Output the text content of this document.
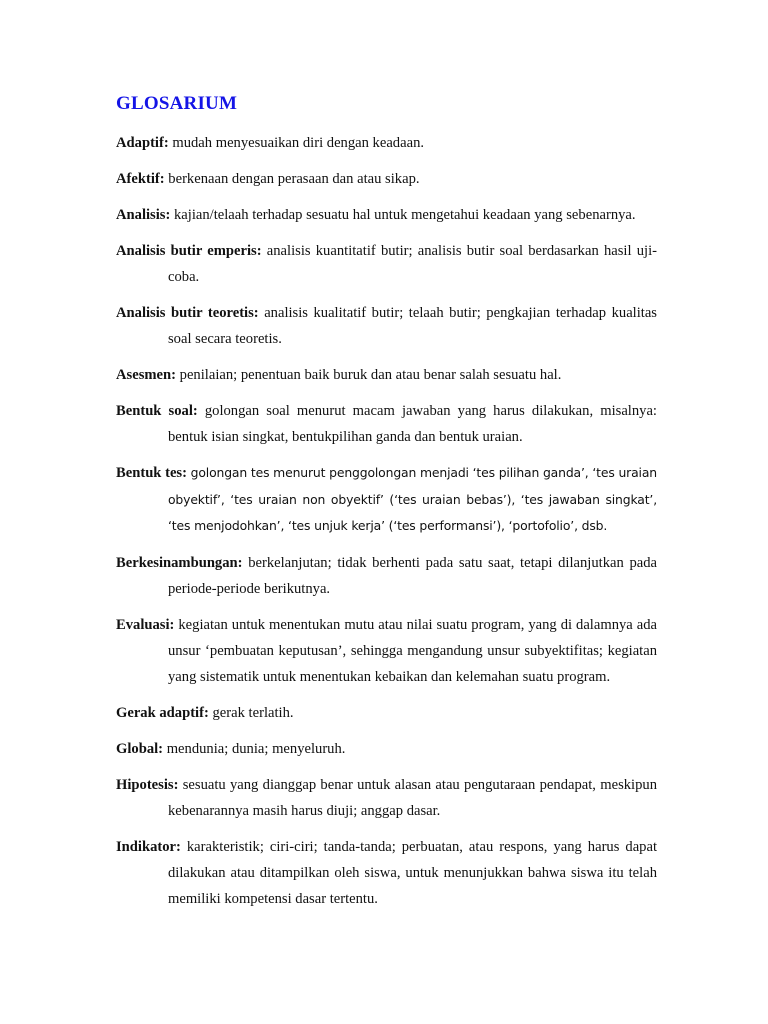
GLOSARIUM

Adaptif: mudah menyesuaikan diri dengan keadaan.

Afektif: berkenaan dengan perasaan dan atau sikap.

Analisis: kajian/telaah terhadap sesuatu hal untuk mengetahui keadaan yang sebenarnya.

Analisis butir emperis: analisis kuantitatif butir; analisis butir soal berdasarkan hasil uji-coba.

Analisis butir teoretis: analisis kualitatif butir; telaah butir; pengkajian terhadap kualitas soal secara teoretis.

Asesmen: penilaian; penentuan baik buruk dan atau benar salah sesuatu hal.

Bentuk soal: golongan soal menurut macam jawaban yang harus dilakukan, misalnya: bentuk isian singkat, bentukpilihan ganda dan bentuk uraian.

Bentuk tes: golongan tes menurut penggolongan menjadi ‘tes pilihan ganda’, ‘tes uraian obyektif’, ‘tes uraian non obyektif’ (‘tes uraian bebas’), ‘tes jawaban singkat’, ‘tes menjodohkan’, ‘tes unjuk kerja’ (‘tes performansi’), ‘portofolio’, dsb.

Berkesinambungan: berkelanjutan; tidak berhenti pada satu saat, tetapi dilanjutkan pada periode-periode berikutnya.

Evaluasi: kegiatan untuk menentukan mutu atau nilai suatu program, yang di dalamnya ada unsur ‘pembuatan keputusan’, sehingga mengandung unsur subyektifitas; kegiatan yang sistematik untuk menentukan kebaikan dan kelemahan suatu program.

Gerak adaptif: gerak terlatih.

Global: mendunia; dunia; menyeluruh.

Hipotesis: sesuatu yang dianggap benar untuk alasan atau pengutaraan pendapat, meskipun kebenarannya masih harus diuji; anggap dasar.

Indikator: karakteristik; ciri-ciri; tanda-tanda; perbuatan, atau respons, yang harus dapat dilakukan atau ditampilkan oleh siswa, untuk menunjukkan bahwa siswa itu telah memiliki kompetensi dasar tertentu.
